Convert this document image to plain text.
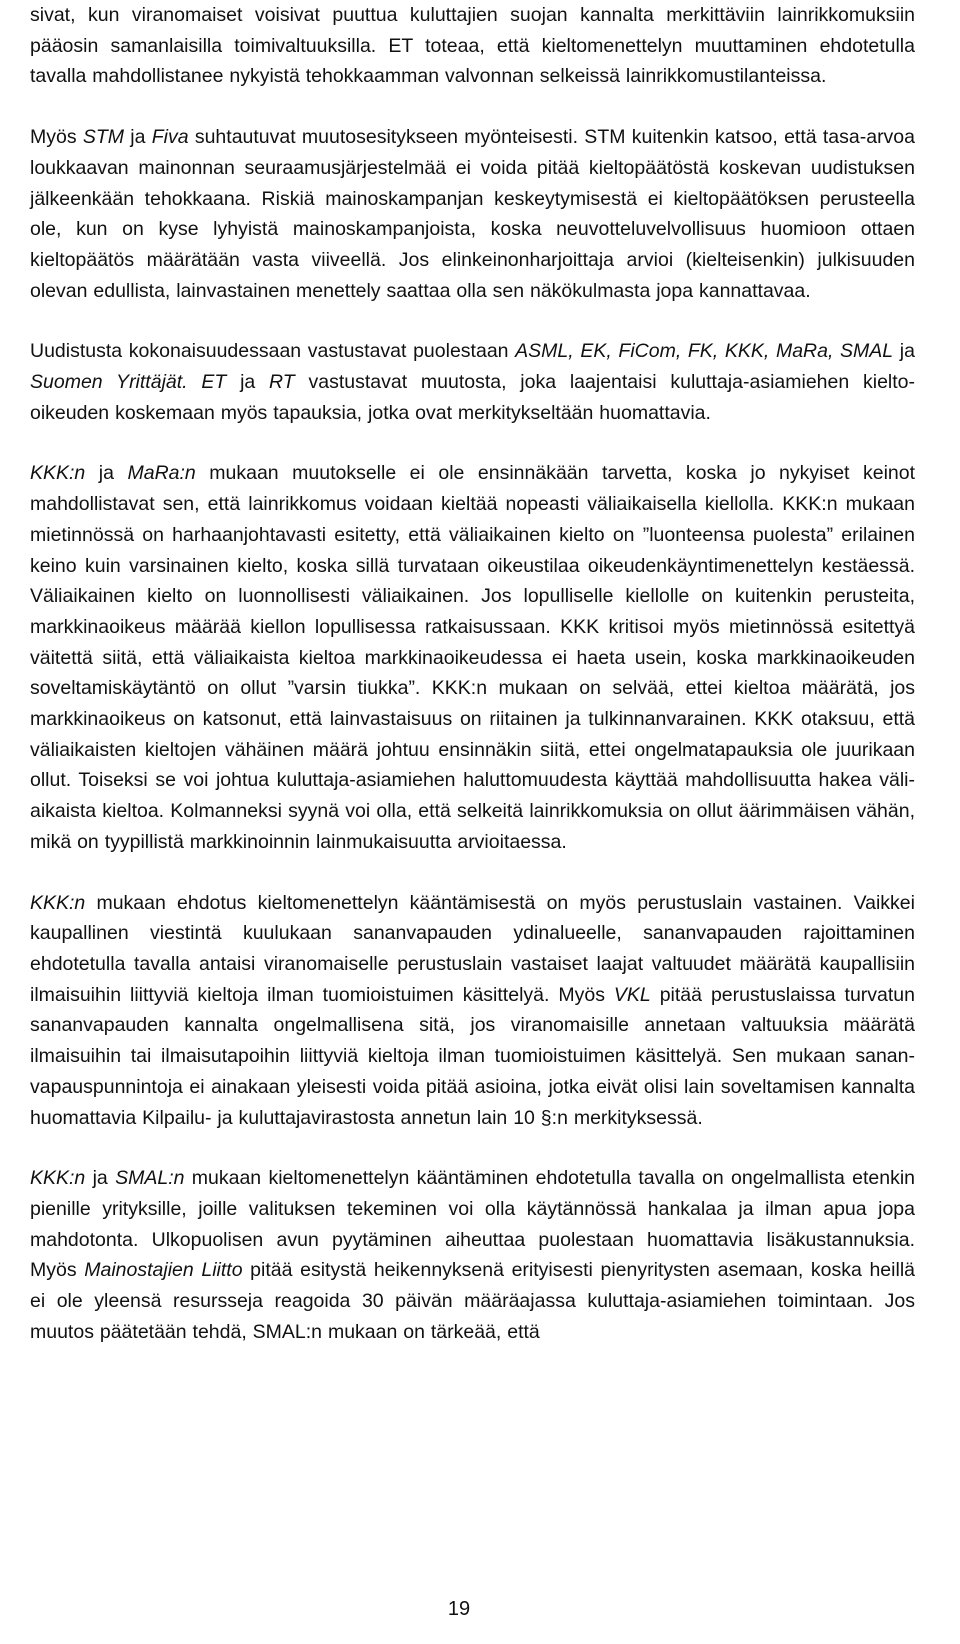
sivat, kun viranomaiset voisivat puuttua kuluttajien suojan kannalta merkittäviin lainrikkomuksiin pääosin samanlaisilla toimivaltuuksilla. ET toteaa, että kieltomenettelyn muuttaminen ehdotetulla tavalla mahdollistanee nykyistä tehokkaamman valvonnan selkeissä lainrikkomustilanteissa.

Myös STM ja Fiva suhtautuvat muutosesitykseen myönteisesti. STM kuitenkin katsoo, että tasa-arvoa loukkaavan mainonnan seuraamusjärjestelmää ei voida pitää kieltopäätöstä koskevan uudistuksen jälkeenkään tehokkaana. Riskiä mainoskampanjan keskeytymisestä ei kieltopäätöksen perusteella ole, kun on kyse lyhyistä mainoskampanjoista, koska neuvotteluvelvollisuus huomioon ottaen kieltopäätös määrätään vasta viiveellä. Jos elinkeinonharjoittaja arvioi (kielteisenkin) julkisuuden olevan edullista, lainvastainen menettely saattaa olla sen näkökulmasta jopa kannattavaa.

Uudistusta kokonaisuudessaan vastustavat puolestaan ASML, EK, FiCom, FK, KKK, MaRa, SMAL ja Suomen Yrittäjät. ET ja RT vastustavat muutosta, joka laajentaisi kuluttaja-asiamiehen kielto-oikeuden koskemaan myös tapauksia, jotka ovat merkitykseltään huomattavia.

KKK:n ja MaRa:n mukaan muutokselle ei ole ensinnäkään tarvetta, koska jo nykyiset keinot mahdollistavat sen, että lainrikkomus voidaan kieltää nopeasti väliaikaisella kiellolla. KKK:n mukaan mietinnössä on harhaanjohtavasti esitetty, että väliaikainen kielto on ”luonteensa puolesta” erilainen keino kuin varsinainen kielto, koska sillä turvataan oikeustilaa oikeudenkäyntimenettelyn kestäessä. Väliaikainen kielto on luonnollisesti väliaikainen. Jos lopulliselle kiellolle on kuitenkin perusteita, markkinaoikeus määrää kiellon lopullisessa ratkaisussaan. KKK kritisoi myös mietinnössä esitettyä väitettä siitä, että väliaikaista kieltoa markkinaoikeudessa ei haeta usein, koska markkinaoikeuden soveltamiskäytäntö on ollut ”varsin tiukka”. KKK:n mukaan on selvää, ettei kieltoa määrätä, jos markkinaoikeus on katsonut, että lainvastaisuus on riitainen ja tulkinnanvarainen. KKK otaksuu, että väliaikaisten kieltojen vähäinen määrä johtuu ensinnäkin siitä, ettei ongelmatapauksia ole juurikaan ollut. Toiseksi se voi johtua kuluttaja-asiamiehen haluttomuudesta käyttää mahdollisuutta hakea väliaikaista kieltoa. Kolmanneksi syynä voi olla, että selkeitä lainrikkomuksia on ollut äärimmäisen vähän, mikä on tyypillistä markkinoinnin lainmukaisuutta arvioitaessa.

KKK:n mukaan ehdotus kieltomenettelyn kääntämisestä on myös perustuslain vastainen. Vaikkei kaupallinen viestintä kuulukaan sananvapauden ydinalueelle, sananvapauden rajoittaminen ehdotetulla tavalla antaisi viranomaiselle perustuslain vastaiset laajat valtuudet määrätä kaupallisiin ilmaisuihin liittyviä kieltoja ilman tuomioistuimen käsittelyä. Myös VKL pitää perustuslaissa turvatun sananvapauden kannalta ongelmallisena sitä, jos viranomaisille annetaan valtuuksia määrätä ilmaisuihin tai ilmaisutapoihin liittyviä kieltoja ilman tuomioistuimen käsittelyä. Sen mukaan sananvapauspunnintoja ei ainakaan yleisesti voida pitää asioina, jotka eivät olisi lain soveltamisen kannalta huomattavia Kilpailu- ja kuluttajavirastosta annetun lain 10 §:n merkityksessä.

KKK:n ja SMAL:n mukaan kieltomenettelyn kääntäminen ehdotetulla tavalla on ongelmallista etenkin pienille yrityksille, joille valituksen tekeminen voi olla käytännössä hankalaa ja ilman apua jopa mahdotonta. Ulkopuolisen avun pyytäminen aiheuttaa puolestaan huomattavia lisäkustannuksia. Myös Mainostajien Liitto pitää esitystä heikennyksenä erityisesti pienyritysten asemaan, koska heillä ei ole yleensä resursseja reagoida 30 päivän määräajassa kuluttaja-asiamiehen toimintaan. Jos muutos päätetään tehdä, SMAL:n mukaan on tärkeää, että

19
